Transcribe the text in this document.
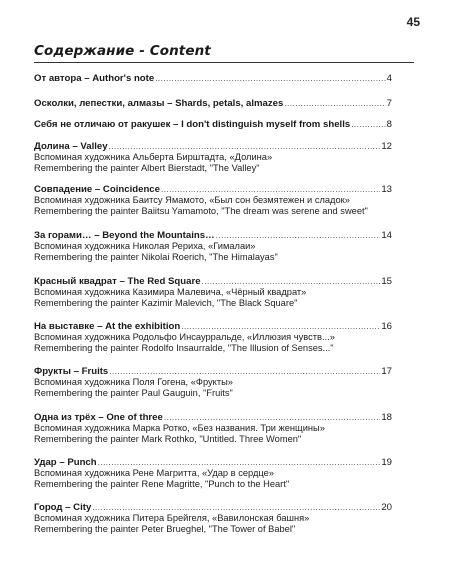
45
Содержание - Content
От автора – Author's note .....	4
Осколки, лепестки, алмазы – Shards, petals, almazes .....	7
Себя не отличаю от ракушек – I don't distinguish myself from shells .....	8
Долина – Valley .....	12
Вспоминая художника Альберта Бирштадта, «Долина»
Remembering the painter Albert Bierstadt, "The Valley"
Совпадение – Coincidence .....	13
Вспоминая художника Баитсу Ямамото, «Был сон безмятежен и сладок»
Remembering the painter Baiitsu Yamamoto, "The dream was serene and sweet"
За горами… – Beyond the Mountains… .....	14
Вспоминая художника Николая Рериха, «Гималаи»
Remembering the painter Nikolai Roerich, "The Himalayas"
Красный квадрат – The Red Square .....	15
Вспоминая художника Казимира Малевича, «Чёрный квадрат»
Remembering the painter Kazimir Malevich, "The Black Square"
На выставке – At the exhibition .....	16
Вспоминая художника Родольфо Инсаурральде, «Иллюзия чувств...»
Remembering the painter Rodolfo Insaurralde, "The Illusion of Senses..."
Фрукты – Fruits .....	17
Вспоминая художника Поля Гогена, «Фрукты»
Remembering the painter Paul Gauguin, "Fruits"
Одна из трёх – One of three .....	18
Вспоминая художника Марка Ротко, «Без названия. Три женщины»
Remembering the painter Mark Rothko, "Untitled. Three Women"
Удар – Punch .....	19
Вспоминая художника Рене Магритта, «Удар в сердце»
Remembering the painter Rene Magritte, "Punch to the Heart"
Город – City .....	20
Вспоминая художника Питера Брейгеля, «Вавилонская башня»
Remembering the painter Peter Brueghel, "The Tower of Babel"
